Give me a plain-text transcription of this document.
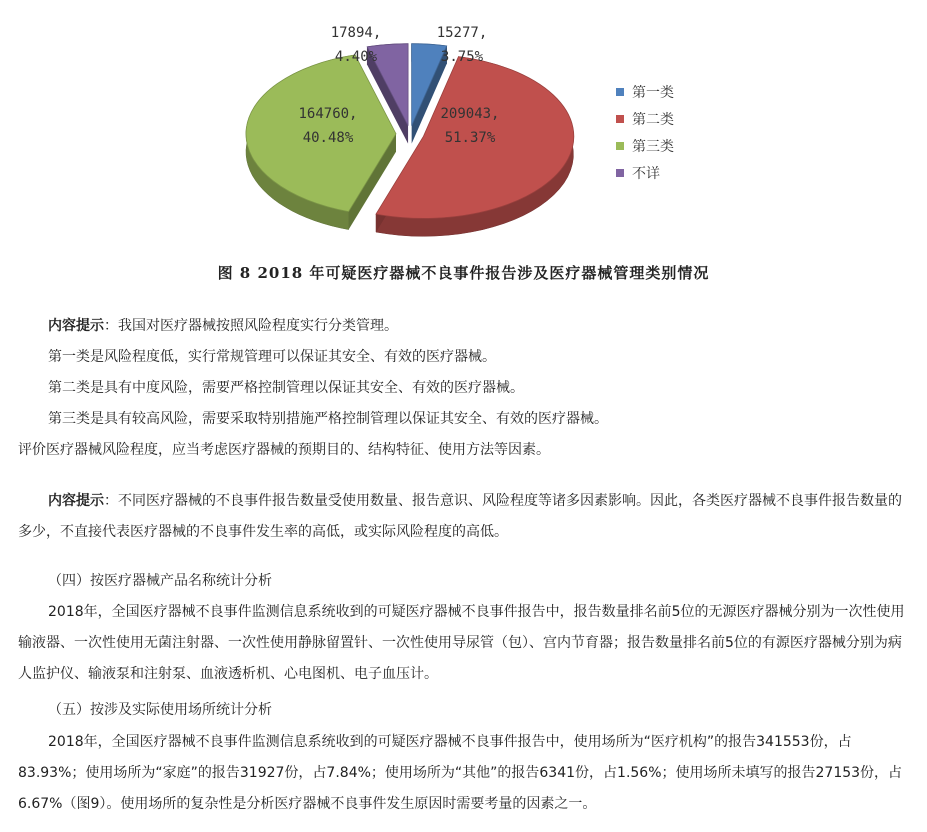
15277,
3.75%
209043,
51.37%
164760,
40.48%
17894,
4.40%
第一类
第二类
第三类
不详
图 8 2018 年可疑医疗器械不良事件报告涉及医疗器械管理类别情况
内容提示：我国对医疗器械按照风险程度实行分类管理。
第一类是风险程度低，实行常规管理可以保证其安全、有效的医疗器械。
第二类是具有中度风险，需要严格控制管理以保证其安全、有效的医疗器械。
第三类是具有较高风险，需要采取特别措施严格控制管理以保证其安全、有效的医疗器械。
评价医疗器械风险程度，应当考虑医疗器械的预期目的、结构特征、使用方法等因素。
内容提示：不同医疗器械的不良事件报告数量受使用数量、报告意识、风险程度等诸多因素影响。因此，各类医疗器械不良事件报告数量的多少，不直接代表医疗器械的不良事件发生率的高低，或实际风险程度的高低。
（四）按医疗器械产品名称统计分析
2018年，全国医疗器械不良事件监测信息系统收到的可疑医疗器械不良事件报告中，报告数量排名前5位的无源医疗器械分别为一次性使用输液器、一次性使用无菌注射器、一次性使用静脉留置针、一次性使用导尿管（包）、宫内节育器；报告数量排名前5位的有源医疗器械分别为病人监护仪、输液泵和注射泵、血液透析机、心电图机、电子血压计。
（五）按涉及实际使用场所统计分析
2018年，全国医疗器械不良事件监测信息系统收到的可疑医疗器械不良事件报告中，使用场所为“医疗机构”的报告341553份，占83.93%；使用场所为“家庭”的报告31927份，占7.84%；使用场所为“其他”的报告6341份，占1.56%；使用场所未填写的报告27153份，占6.67%（图9）。使用场所的复杂性是分析医疗器械不良事件发生原因时需要考量的因素之一。
